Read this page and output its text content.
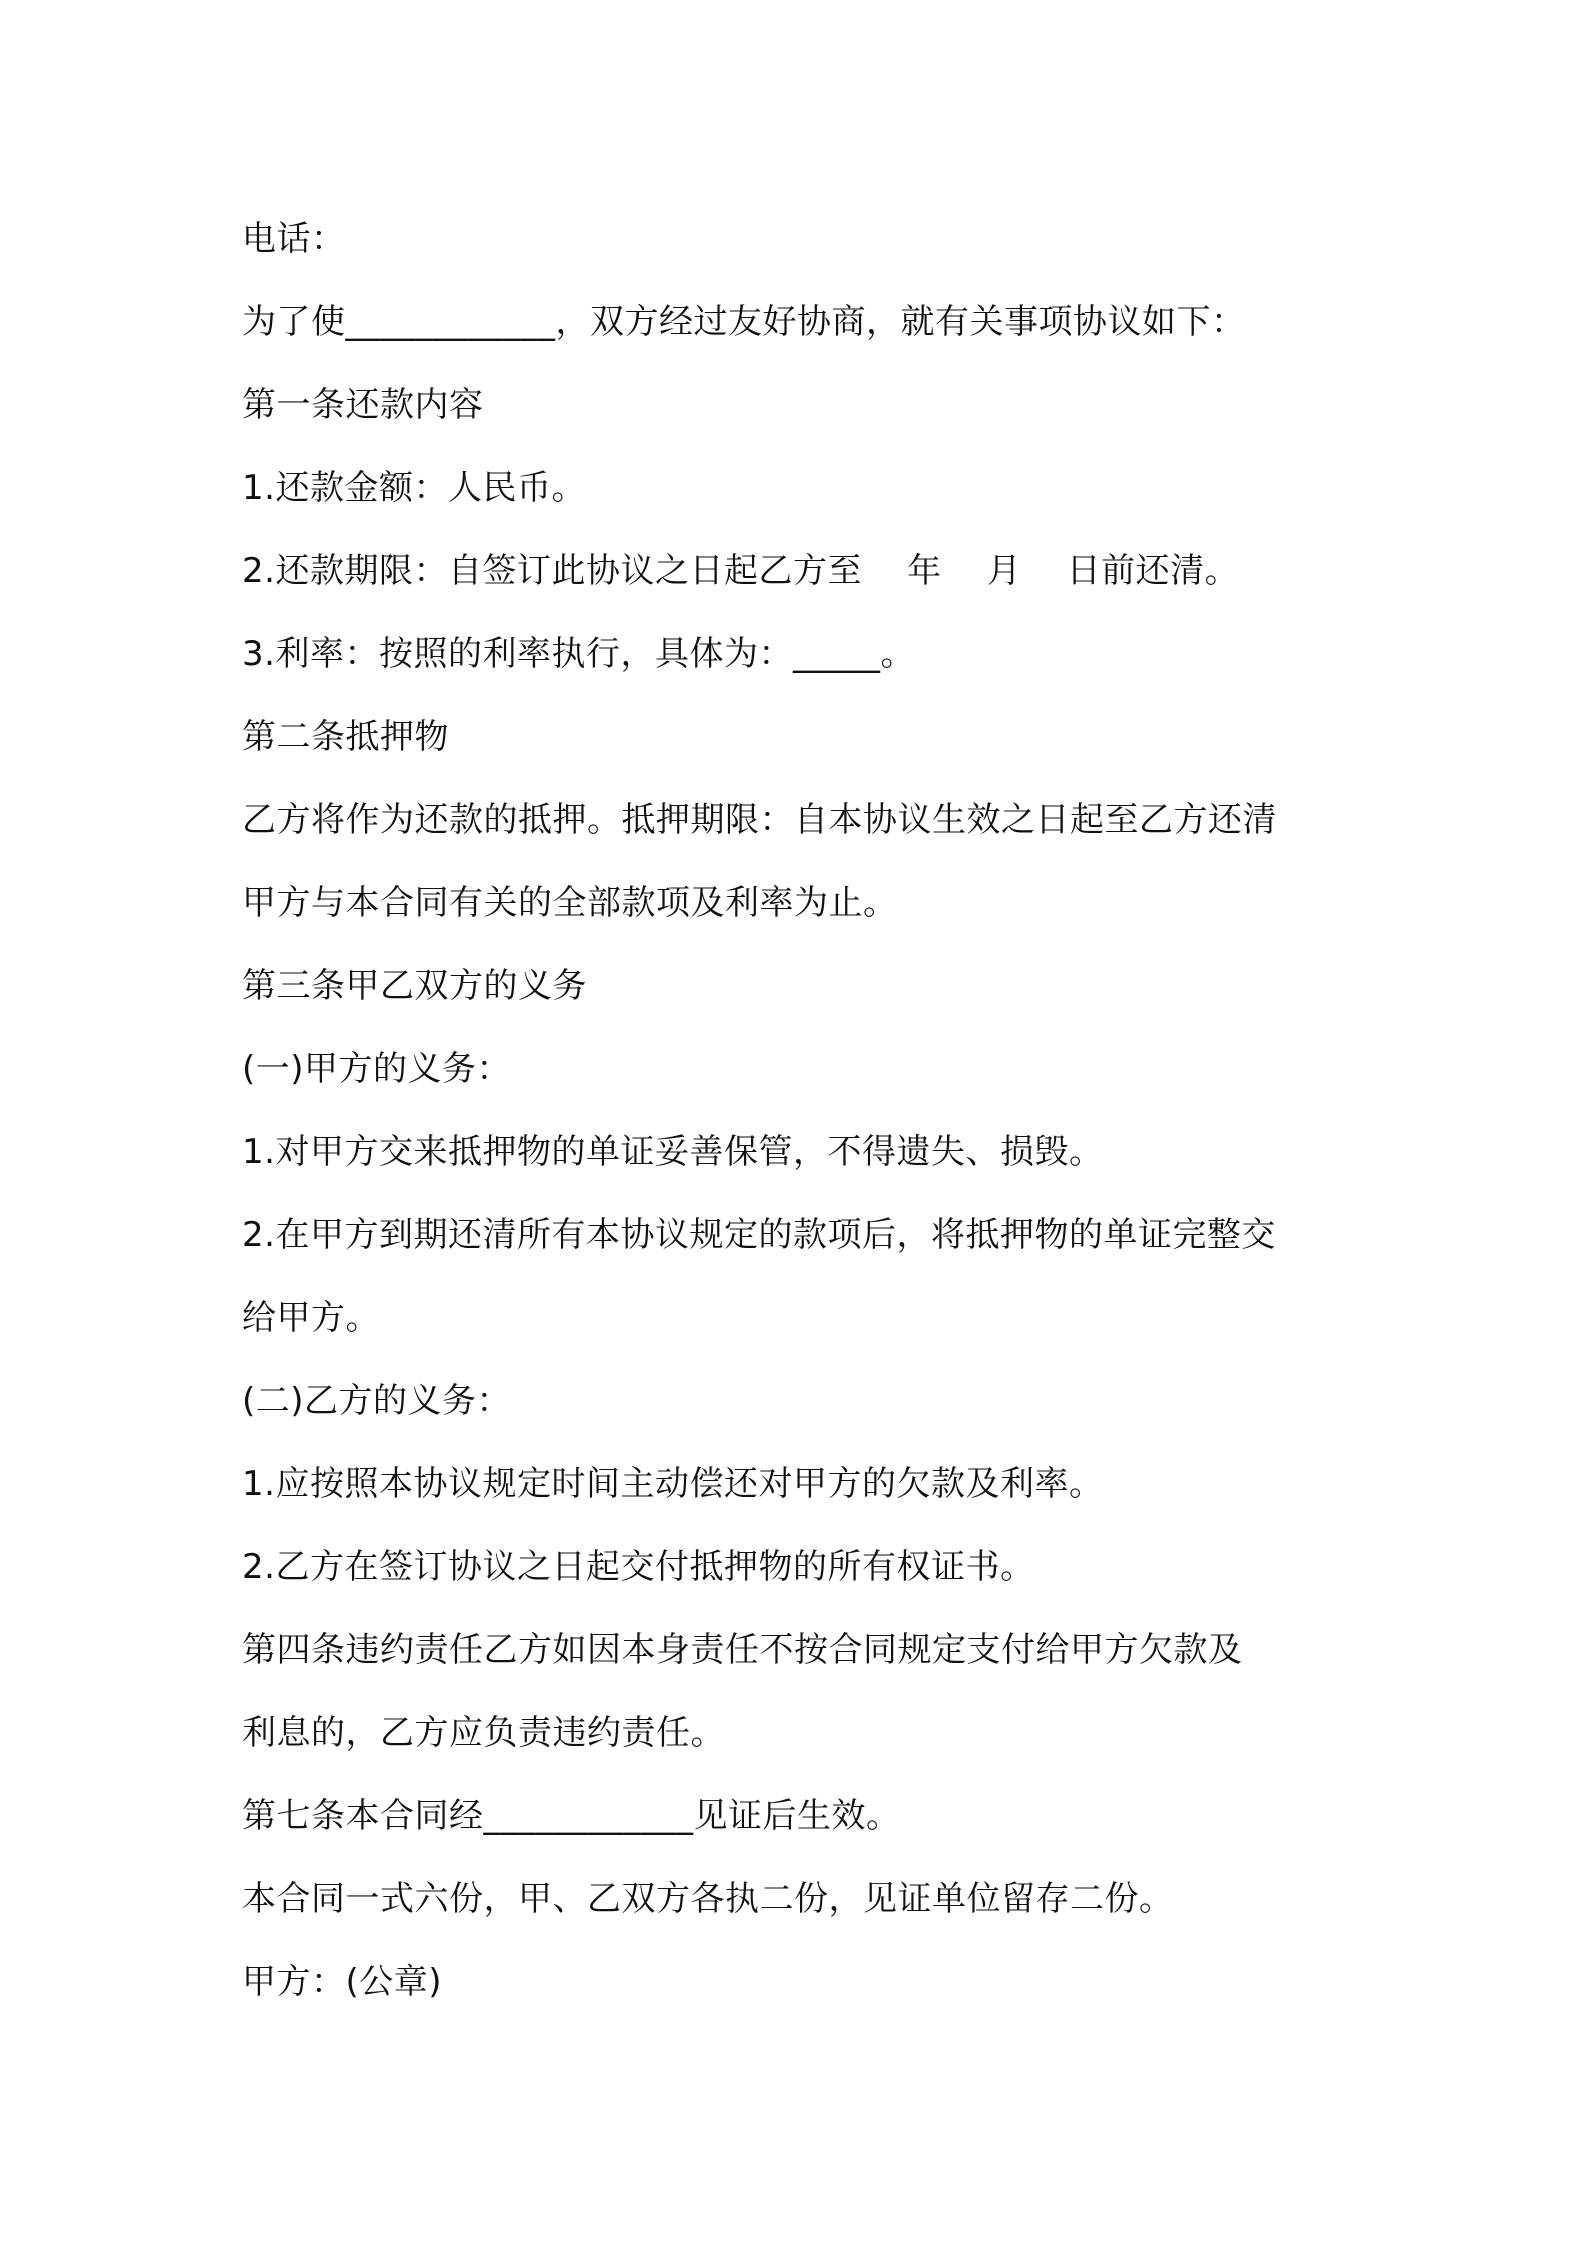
电话：
为了使____________，双方经过友好协商，就有关事项协议如下：
第一条还款内容
1.还款金额：人民币。
2.还款期限：自签订此协议之日起乙方至    年    月    日前还清。
3.利率：按照的利率执行，具体为：_____。
第二条抵押物
乙方将作为还款的抵押。抵押期限：自本协议生效之日起至乙方还清
甲方与本合同有关的全部款项及利率为止。
第三条甲乙双方的义务
(一)甲方的义务：
1.对甲方交来抵押物的单证妥善保管，不得遗失、损毁。
2.在甲方到期还清所有本协议规定的款项后，将抵押物的单证完整交
给甲方。
(二)乙方的义务：
1.应按照本协议规定时间主动偿还对甲方的欠款及利率。
2.乙方在签订协议之日起交付抵押物的所有权证书。
第四条违约责任乙方如因本身责任不按合同规定支付给甲方欠款及
利息的，乙方应负责违约责任。
第七条本合同经____________见证后生效。
本合同一式六份，甲、乙双方各执二份，见证单位留存二份。
甲方：(公章)
